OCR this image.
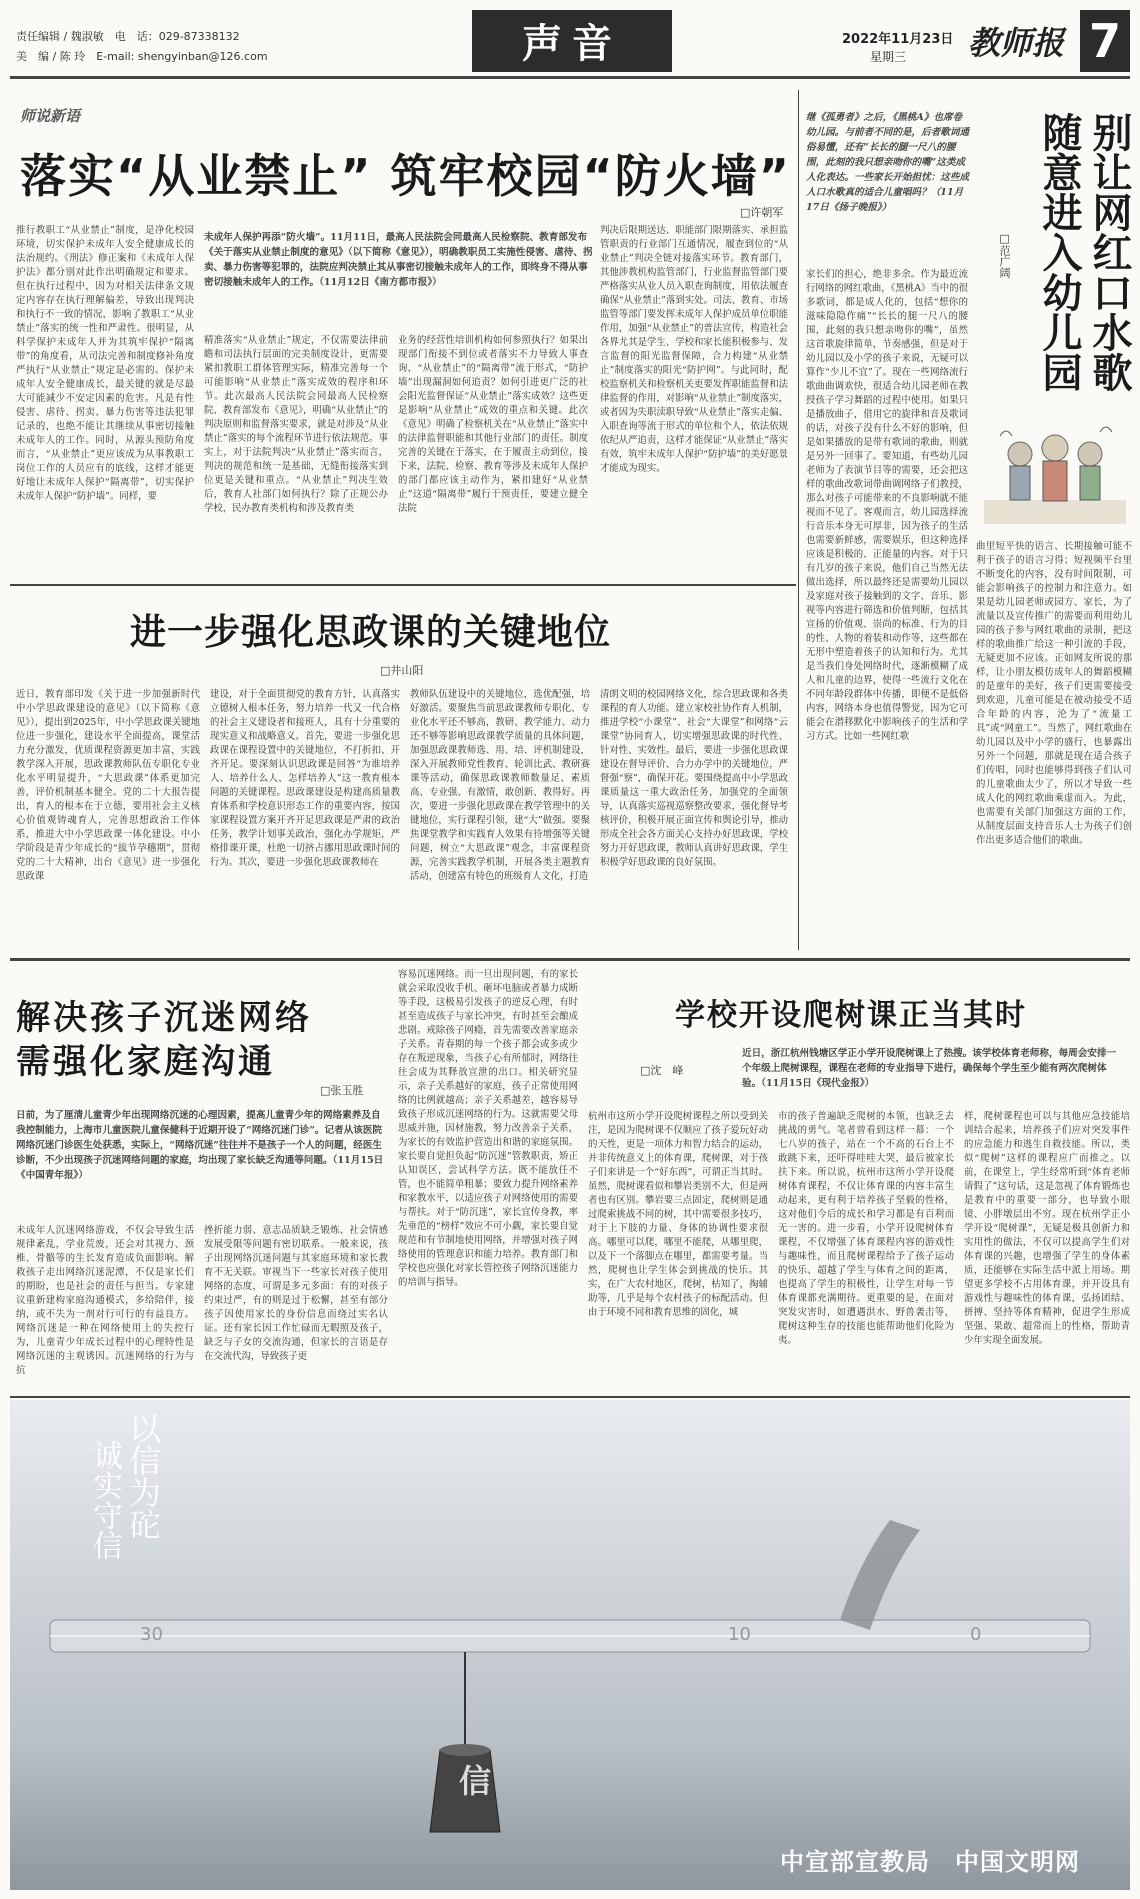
责任编辑 / 魏淑敏　电　话：029-87338132
美　编 / 陈 玲　E-mail: shengyinban@126.com	声音	2022年11月23日
星期三 教师报 7
师说新语
落实“从业禁止” 筑牢校园“防火墙”
□许朝军
推行教职工“从业禁止”制度，是净化校园环境，切实保护未成年人安全健康成长的法治规约。《刑法》修正案和《未成年人保护法》都分别对此作出明确规定和要求。但在执行过程中，因为对相关法律条文规定内容存在执行理解偏差，导致出现判决和执行不一致的情况，影响了教职工“从业禁止”落实的统一性和严肃性。很明显，从科学保护未成年人并为其筑牢保护“隔离带”的角度看，从司法完善和制度修补角度严执行“从业禁止”规定是必需的。保护未成年人安全健康成长，最关键的就是尽最大可能减少不安定因素的危害。凡是有性侵害、虐待、拐卖、暴力伤害等违法犯罪记录的，也绝不能让其继续从事密切接触未成年人的工作。同时，从源头预防角度而言，“从业禁止”更应该成为从事教职工岗位工作的人员应有的底线，这样才能更好地让未成年人保护“隔离带”，切实保护未成年人保护“防护墙”。同样，要
未成年人保护再添“防火墙”。11月11日，最高人民法院会同最高人民检察院、教育部发布《关于落实从业禁止制度的意见》（以下简称《意见》），明确教职员工实施性侵害、虐待、拐卖、暴力伤害等犯罪的，法院应判决禁止其从事密切接触未成年人的工作，即终身不得从事密切接触未成年人的工作。（11月12日《南方都市报》）
精准落实“从业禁止”规定，不仅需要法律前瞻和司法执行层面的完美制度设计，更需要紧扣教职工群体管理实际，精准完善每一个可能影响“从业禁止”落实成效的程序和环节。此次最高人民法院会同最高人民检察院、教育部发布《意见》，明确“从业禁止”的判决原则和监督落实要求，就是对涉及“从业禁止”落实的每个流程环节进行依法规范。事实上，对于法院判决“从业禁止”落实而言，判决的规范和统一是基础，无缝衔接落实到位更是关键和重点。“从业禁止”判决生效后，教育人社部门如何执行？除了正规公办学校，民办教育类机构和涉及教育类
业务的经营性培训机构如何参照执行？如果出现部门衔接不到位或者落实不力导致人事查询，“从业禁止”的“隔离带”流于形式，“防护墙”出现漏洞如何追责？如何引进更广泛的社会阳光监督保证“从业禁止”落实成效？这些更是影响“从业禁止”成效的重点和关键。此次《意见》明确了检察机关在“从业禁止”落实中的法律监督职能和其他行业部门的责任。制度完善的关键在于落实，在于履责主动到位，接下来，法院、检察、教育等涉及未成年人保护的部门都应该主动作为，紧扣建好“从业禁止”这道“隔离带”履行干预责任，要建立健全法院
判决后限期送达、职能部门限期落实、承担监管职责的行业部门互通情况，履查到位的“从业禁止”判决全链对接落实环节。教育部门，其他涉教机构监管部门，行业监督监管部门要严格落实从业人员入职查询制度，用依法履查确保“从业禁止”落到实处。司法、教育、市场监管等部门要发挥未成年人保护成员单位职能作用，加强“从业禁止”的普法宣传，构造社会各界尤其是学生、学校和家长能积极参与、发言监督的阳光监督保障，合力构建“从业禁止”制度落实的阳光“防护网”。与此同时，配校监察机关和检察机关更要发挥职能监督和法律监督的作用，对影响“从业禁止”制度落实，或者因为失职渎职导致“从业禁止”落实走偏、入职查询等流于形式的单位和个人，依法依规依纪从严追责，这样才能保证“从业禁止”落实有效，筑牢未成年人保护“防护墙”的美好愿景才能成为现实。
进一步强化思政课的关键地位
□井山阳
近日，教育部印发《关于进一步加强新时代中小学思政课建设的意见》（以下简称《意见》），提出到2025年，中小学思政课关键地位进一步强化，建设水平全面提高，课堂活力充分激发，优质课程资源更加丰富，实践教学深入开展，思政课教师队伍专职化专业化水平明显提升，“大思政课”体系更加完善，评价机制基本健全。党的二十大报告提出，育人的根本在于立德，要用社会主义核心价值观铸魂育人，完善思想政治工作体系，推进大中小学思政课一体化建设。中小学阶段是青少年成长的“拔节孕穗期”，贯彻党的二十大精神，出台《意见》进一步强化思政课
建设，对于全面贯彻党的教育方针，认真落实立德树人根本任务，努力培养一代又一代合格的社会主义建设者和接班人，具有十分重要的现实意义和战略意义。首先，要进一步强化思政课在课程设置中的关键地位，不打折扣、开齐开足。要深刻认识思政课是回答“为谁培养人、培养什么人、怎样培养人”这一教育根本问题的关键课程。思政课建设是构建高质量教育体系和学校意识形态工作的重要内容，按国家课程设置方案开齐开足思政课是严肃的政治任务，教学计划事关政治，强化办学规矩，严格排课开课，杜绝一切挤占挪用思政课时间的行为。其次，要进一步强化思政课教师在
教师队伍建设中的关键地位，选优配强，培好激活。要聚焦当前思政课教师专职化、专业化水平还不够高，教研、教学能力、动力还不够等影响思政课教学质量的具体问题，加强思政课教师选、用、培、评机制建设，深入开展教师党性教育、轮训比武、教研赛课等活动，确保思政课教师数量足、素质高、专业强、有激情，敢创新、教得好。再次，要进一步强化思政课在教学管理中的关键地位，实行课程引领，建“大”做强。要聚焦课堂教学和实践育人效果有待增强等关键问题，树立“大思政课”观念，丰富课程资源，完善实践教学机制，开展各类主题教育活动，创建富有特色的班级育人文化，打造
清朗文明的校园网络文化，综合思政课和各类课程的育人功能。建立家校社协作育人机制，推进学校“小课堂”、社会“大课堂”和网络“云课堂”协同育人，切实增强思政课的时代性、针对性、实效性。最后，要进一步强化思政课建设在督导评价、合力办学中的关键地位，严督强“察”，确保开花。要围绕提高中小学思政课质量这一重大政治任务，加强党的全面领导，认真落实巡视巡察整改要求，强化督导考核评价，积极开展正面宣传和舆论引导，推动形成全社会各方面关心支持办好思政课，学校努力开好思政课，教师认真讲好思政课，学生积极学好思政课的良好氛围。
继《孤勇者》之后，《黑桃A》也席卷幼儿园。与前者不同的是，后者歌词通俗易懂，还有“长长的腿一尺八的腰围，此刻的我只想亲吻你的嘴”这类成人化表达。一些家长开始担忧：这些成人口水歌真的适合儿童唱吗？（11月17日《扬子晚报》）	别让网红口水歌随意进入幼儿园
□范广阔
家长们的担心，绝非多余。作为最近流行网络的网红歌曲，《黑桃A》当中的很多歌词，都是成人化的，包括“想你的滋味隐隐作痛”“长长的腿一尺八的腰围，此刻的我只想亲吻你的嘴”，虽然这首歌旋律简单，节奏感强，但是对于幼儿园以及小学的孩子来说，无疑可以算作“少儿不宜”了。现在一些网络流行歌曲曲调欢快，很适合幼儿园老师在教授孩子学习舞蹈的过程中使用。如果只是播放曲子，借用它的旋律和音及歌词的话，对孩子没有什么不好的影响，但是如果播放的是带有歌词的歌曲，则就是另外一回事了。要知道，有些幼儿园老师为了表演节目等的需要，还会把这样的歌曲改歌词带曲调网络子们教授，那么对孩子可能带来的不良影响就不能视而不见了。客观而言，幼儿园选择流行音乐本身无可厚非，因为孩子的生活也需要新鲜感，需要娱乐，但这种选择应该是积极的、正能量的内容。对于只有几岁的孩子来说，他们自己当然无法做出选择，所以最终还是需要幼儿园以及家庭对孩子接触到的文字、音乐、影视等内容进行筛选和价值判断，包括其宣扬的价值观、崇尚的标准、行为的目的性、人物的着装和动作等，这些都在无形中塑造着孩子的认知和行为。尤其是当我们身处网络时代，逐渐模糊了成人和儿童的边界，使得一些流行文化在不同年龄段群体中传播，即便不是低俗内容，网络本身也值得警觉，因为它可能会在潜移默化中影响孩子的生活和学习方式。比如一些网红歌
曲里短平快的语言、长期接触可能不利于孩子的语言习得；短视频平台里不断变化的内容，没有时间限制，可能会影响孩子的控制力和注意力。如果是幼儿园老师或园方、家长，为了流量以及宣传推广的需要而利用幼儿园的孩子参与网红歌曲的录制，把这样的歌曲推广给这一种引流的手段，无疑更加不应该。正如网友所说的那样，让小朋友模仿成年人的舞蹈模糊的是童年的美好，孩子们更需要接受到欢迎，儿童可能是在被动接受不适合年龄的内容，沦为了“流量工具”或“网童工”。当然了，网红歌曲在幼儿园以及中小学的盛行，也暴露出另外一个问题，那就是现在适合孩子们传唱，同时也能够得到孩子们认可的儿童歌曲太少了，所以才导致一些成人化的网红歌曲乘虚而入。为此，也需要有关部门加强这方面的工作，从制度层面支持音乐人士为孩子们创作出更多适合他们的歌曲。
解决孩子沉迷网络
需强化家庭沟通
□张玉胜
日前，为了厘清儿童青少年出现网络沉迷的心理因素，提高儿童青少年的网络素养及自我控制能力，上海市儿童医院儿童保健科于近期开设了“网络沉迷门诊”。记者从该医院网络沉迷门诊医生处获悉，实际上，“网络沉迷”往往并不是孩子一个人的问题，经医生诊断，不少出现孩子沉迷网络问题的家庭，均出现了家长缺乏沟通等问题。（11月15日《中国青年报》）
未成年人沉迷网络游戏，不仅会导致生活规律紊乱，学业荒废，还会对其视力、颈椎、骨骼等的生长发育造成负面影响。解救孩子走出网络沉迷泥潭，不仅是家长们的期盼，也是社会的责任与担当。专家建议重新建构家庭沟通模式，多给陪伴，接纳，或不失为一剂对行可行的有益良方。网络沉迷是一种在网络使用上的失控行为，儿童青少年成长过程中的心理特性是网络沉迷的主观诱因。沉迷网络的行为与抗
挫折能力弱、意志品质缺乏锻炼、社会情感发展受限等问题有密切联系。一般来说，孩子出现网络沉迷问题与其家庭环境和家长教育不无关联。审视当下一些家长对孩子使用网络的态度，可谓是多元多面：有的对孩子约束过严，有的则是过于松懈，甚至有部分孩子因使用家长的身份信息而绕过实名认证。还有家长因工作忙碌而无暇照及孩子，缺乏与子女的交流沟通，但家长的言语是存在交流代沟，导致孩子更
容易沉迷网络。而一旦出现问题，有的家长就会采取没收手机、砸坏电脑或者暴力成断等手段，这极易引发孩子的逆反心理，有时甚至造成孩子与家长冲突，有时甚至会酿成悲剧。戒除孩子网瘾，首先需要改善家庭亲子关系。青春期的每一个孩子都会或多或少存在叛逆现象，当孩子心有所郁时，网络往往会成为其释放宣泄的出口。相关研究显示，亲子关系越好的家庭，孩子正常使用网络的比例就越高；亲子关系越差，越容易导致孩子形成沉迷网络的行为。这就需要父母思威并施，因材施教，努力改善亲子关系，为家长的有效监护营造出和谐的家庭氛围。家长要自觉担负起“防沉迷”管教职责，矫正认知误区，尝试科学方法。既不能放任不管，也不能简单粗暴；要致力提升网络素养和家教水平，以适应孩子对网络使用的需要与帮扶。对于“防沉迷”，家长宜传身教，率先垂范的“榜样”效应不可小觑，家长要自觉规范和有节制地使用网络，并增强对孩子网络使用的管理意识和能力培养。教育部门和学校也应强化对家长管控孩子网络沉迷能力的培训与指导。
学校开设爬树课正当其时
□沈　峰
近日，浙江杭州钱塘区学正小学开设爬树课上了热搜。该学校体育老师称，每周会安排一个年级上爬树课程，课程在老师的专业指导下进行，确保每个学生至少能有两次爬树体验。（11月15日《现代金报》）
杭州市这所小学开设爬树课程之所以受到关注，是因为爬树课不仅顺应了孩子爱玩好动的天性，更是一项体力和智力结合的运动，并非传统意义上的体育课，爬树课，对于孩子们来讲是一个“好东西”，可谓正当其时。虽然，爬树课看似和攀岩类别不大，但是两者也有区别。攀岩要三点固定，爬树则是通过爬索挑战不同的树，其中需要很多技巧，对于上下肢的力量、身体的协调性要求很高。哪里可以爬，哪里不能爬，从哪里爬，以及下一个落脚点在哪里，都需要考量。当然，爬树也让学生体会到挑战的快乐。其实，在广大农村地区，爬树，枯知了，掏辅助等，几乎是每个农村孩子的标配活动。但由于环境不同和教育思维的固化，城
市的孩子普遍缺乏爬树的本领，也缺乏去挑战的勇气。笔者曾看到这样一幕：一个七八岁的孩子，站在一个不高的石台上不敢跳下来，还吓得哇哇大哭，最后被家长扶下来。所以说，杭州市这所小学开设爬树体育课程，不仅让体育课的内容丰富生动起来，更有利于培养孩子坚毅的性格，这对他们今后的成长和学习都是有百利而无一害的。进一步看，小学开设爬树体育课程，不仅增强了体育课程内容的游戏性与趣味性，而且爬树课程给予了孩子运动的快乐、超越了学生与体育之间的距离，也提高了学生的积极性，让学生对每一节体育课都充满期待。更重要的是，在面对突发灾害时，如遭遇洪水、野兽袭击等，爬树这种生存的技能也能帮助他们化险为夷。
样，爬树课程也可以与其他应急技能培训结合起来，培养孩子们应对突发事件的应急能力和逃生自救技能。所以，类似“爬树”这样的课程应广而推之。以前，在课堂上，学生经常听到“体育老师请假了”这句话，这是忽视了体育锻炼也是教育中的重要一部分，也导致小眼镜、小胖墩层出不穷。现在杭州学正小学开设“爬树课”，无疑是极具创新力和实用性的做法，不仅可以提高学生们对体育课的兴趣，也增强了学生的身体素质，还能够在实际生活中派上用场。期望更多学校不占用体育课，并开设具有游戏性与趣味性的体育课，弘扬团结、拼搏、坚持等体育精神，促进学生形成坚强、果敢、超常而上的性格，帮助青少年实现全面发展。
以信为砣
诚实守信
30	10	0
信
中宣部宣教局　中国文明网
